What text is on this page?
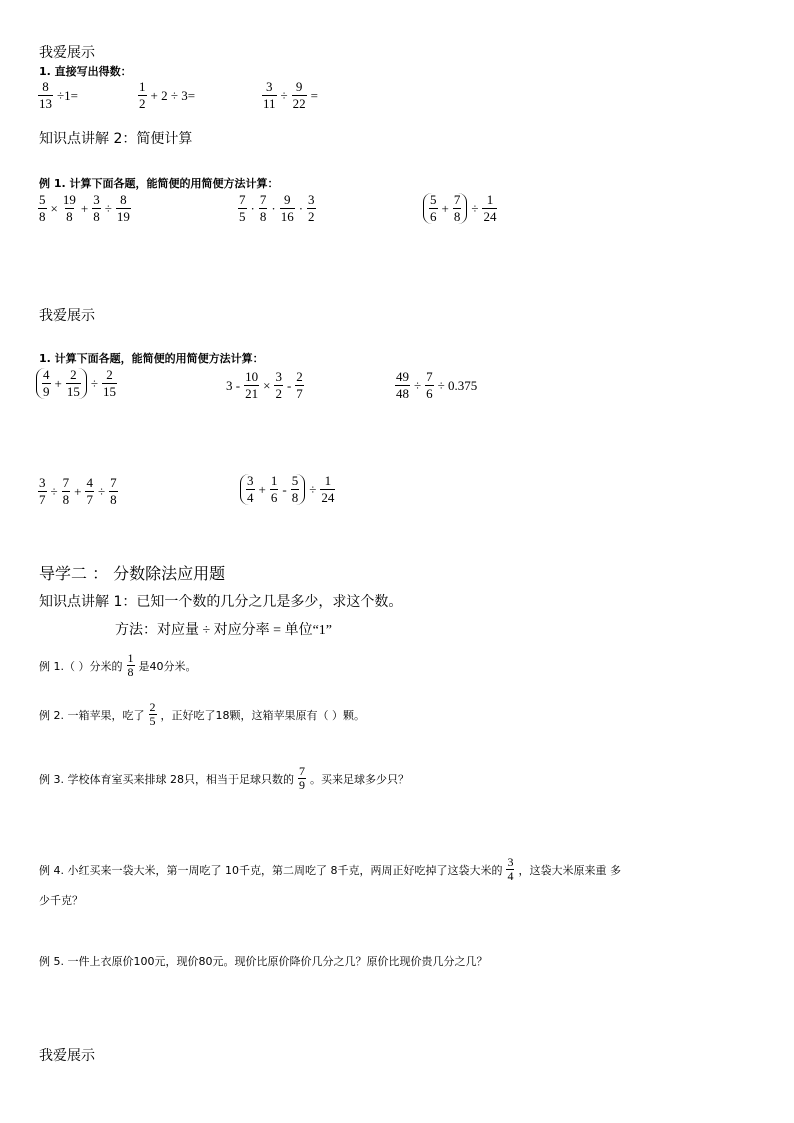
我爱展示
1. 直接写出得数：
$\frac{8}{13} \div 1=$	$\frac{1}{2} + 2 \div 3=$	$\frac{3}{11} \div \frac{9}{22}$ =
知识点讲解 2：简便计算
例 1. 计算下面各题，能简便的用简便方法计算：
$\frac{5}{8} \times \frac{19}{8} + \frac{3}{8} \div \frac{8}{19}$	$\frac{7}{5} \cdot \frac{7}{8} \cdot \frac{9}{16} \cdot \frac{3}{2}$	$\frac{5}{6} + \frac{7}{8} \div \frac{1}{24}$
我爱展示
1. 计算下面各题，能简便的用简便方法计算：
$\frac{4}{9} + \frac{2}{15} \div \frac{2}{15}$	$3 - \frac{10}{21} \times \frac{3}{2} - \frac{2}{7}$	$\frac{49}{48} \div \frac{7}{6} \div 0.375$
$\frac{3}{7} \div \frac{7}{8} + \frac{4}{7} \div \frac{7}{8}$	$\frac{3}{4} + \frac{1}{6} - \frac{5}{8} \div \frac{1}{24}$
导学二 ： 分数除法应用题
知识点讲解 1：已知一个数的几分之几是多少，求这个数。
方法：对应量 ÷ 对应分率 = 单位“1”
例 1.（ ）分米的 $\frac{1}{8}$ 是40分米。
例 2. 一箱苹果，吃了 $\frac{2}{5}$ ，正好吃了18颗，这箱苹果原有（ ）颗。
例 3. 学校体育室买来排球 28只，相当于足球只数的 $\frac{7}{9}$ 。买来足球多少只？
例 4. 小红买来一袋大米，第一周吃了 10千克，第二周吃了 8千克，两周正好吃掉了这袋大米的 $\frac{3}{4}$ ，这袋大米原来重 多
少千克？
例 5. 一件上衣原价100元，现价80元。现价比原价降价几分之几？原价比现价贵几分之几？
我爱展示
